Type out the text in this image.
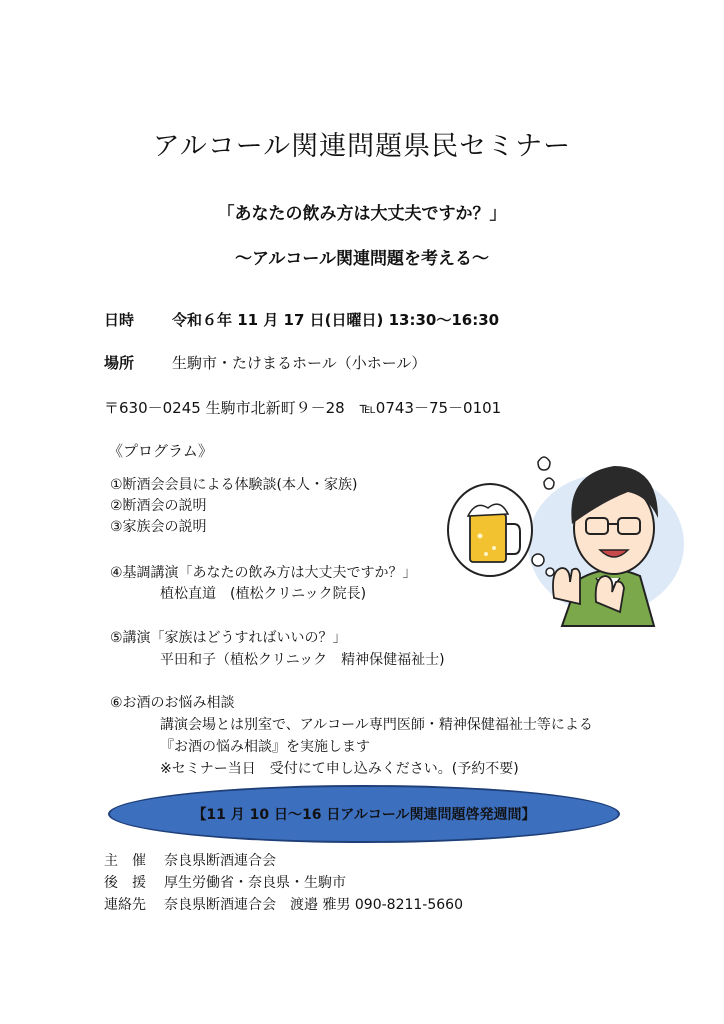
アルコール関連問題県民セミナー
「あなたの飲み方は大丈夫ですか？」
～アルコール関連問題を考える～
日時	令和６年 11 月 17 日(日曜日) 13:30～16:30
場所	生駒市・たけまるホール（小ホール）
〒630－0245 生駒市北新町９－28　℡0743－75－0101
《プログラム》
①断酒会会員による体験談(本人・家族)
②断酒会の説明
③家族会の説明
④基調講演「あなたの飲み方は大丈夫ですか？」
植松直道　(植松クリニック院長)
⑤講演「家族はどうすればいいの？」
平田和子（植松クリニック　精神保健福祉士)
⑥お酒のお悩み相談
講演会場とは別室で、アルコール専門医師・精神保健福祉士等による
『お酒の悩み相談』を実施します
※セミナー当日　受付にて申し込みください。(予約不要)
【11 月 10 日～16 日アルコール関連問題啓発週間】
主　催 奈良県断酒連合会
後　援 厚生労働省・奈良県・生駒市
連絡先 奈良県断酒連合会　渡邉 雅男 090-8211-5660
